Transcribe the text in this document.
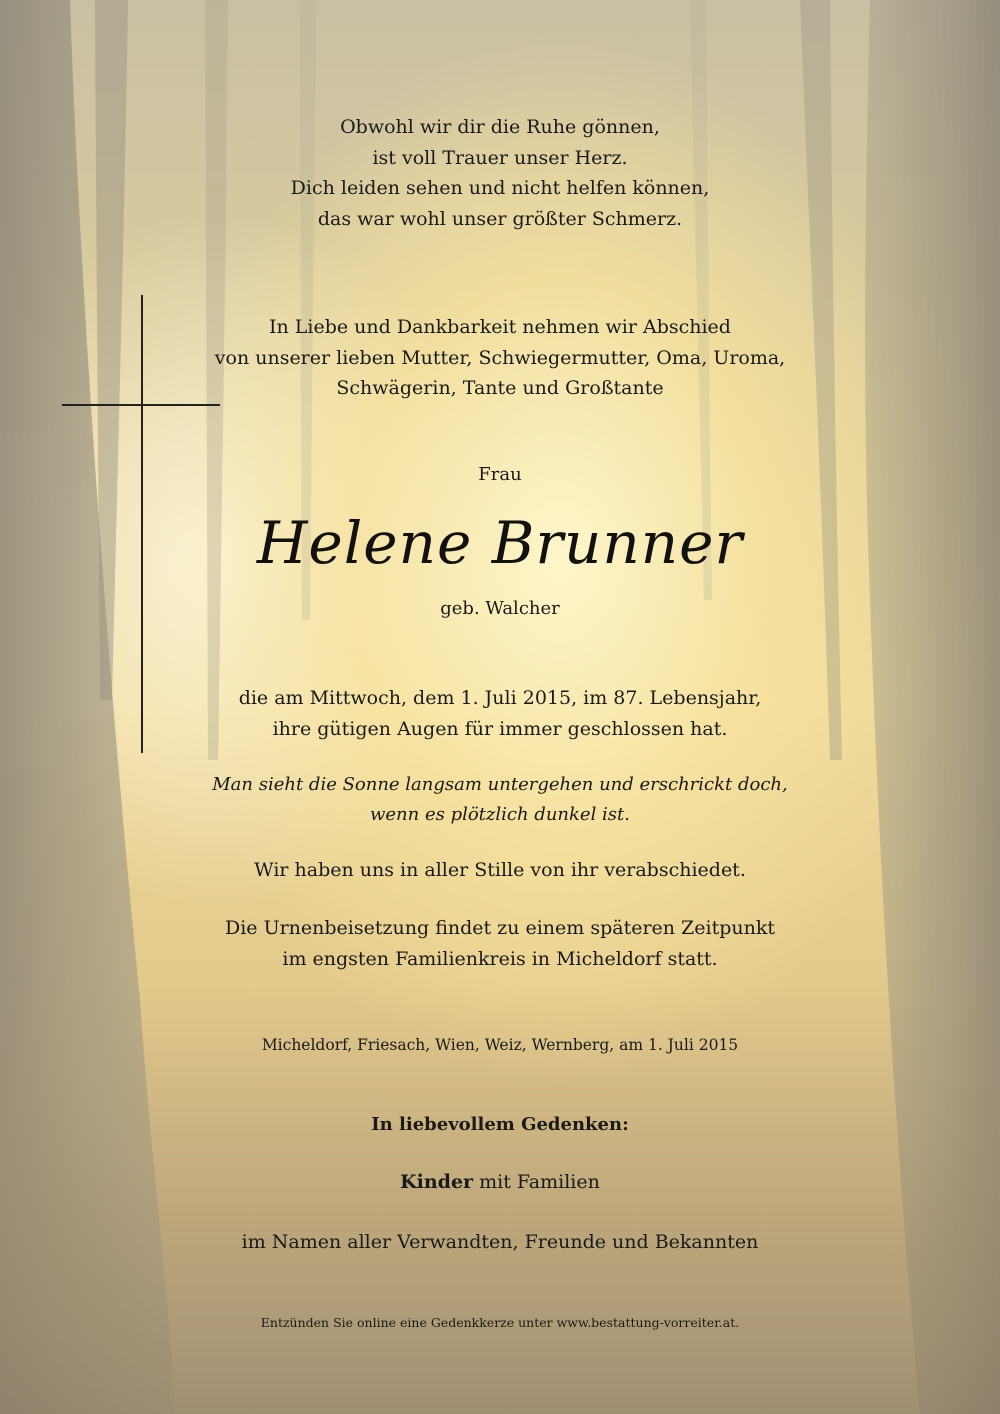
Obwohl wir dir die Ruhe gönnen,
ist voll Trauer unser Herz.
Dich leiden sehen und nicht helfen können,
das war wohl unser größter Schmerz.
In Liebe und Dankbarkeit nehmen wir Abschied
von unserer lieben Mutter, Schwiegermutter, Oma, Uroma,
Schwägerin, Tante und Großtante
Frau
Helene Brunner
geb. Walcher
die am Mittwoch, dem 1. Juli 2015, im 87. Lebensjahr,
ihre gütigen Augen für immer geschlossen hat.
Man sieht die Sonne langsam untergehen und erschrickt doch,
wenn es plötzlich dunkel ist.
Wir haben uns in aller Stille von ihr verabschiedet.
Die Urnenbeisetzung findet zu einem späteren Zeitpunkt
im engsten Familienkreis in Micheldorf statt.
Micheldorf, Friesach, Wien, Weiz, Wernberg, am 1. Juli 2015
In liebevollem Gedenken:
Kinder mit Familien
im Namen aller Verwandten, Freunde und Bekannten
Entzünden Sie online eine Gedenkkerze unter www.bestattung-vorreiter.at.
